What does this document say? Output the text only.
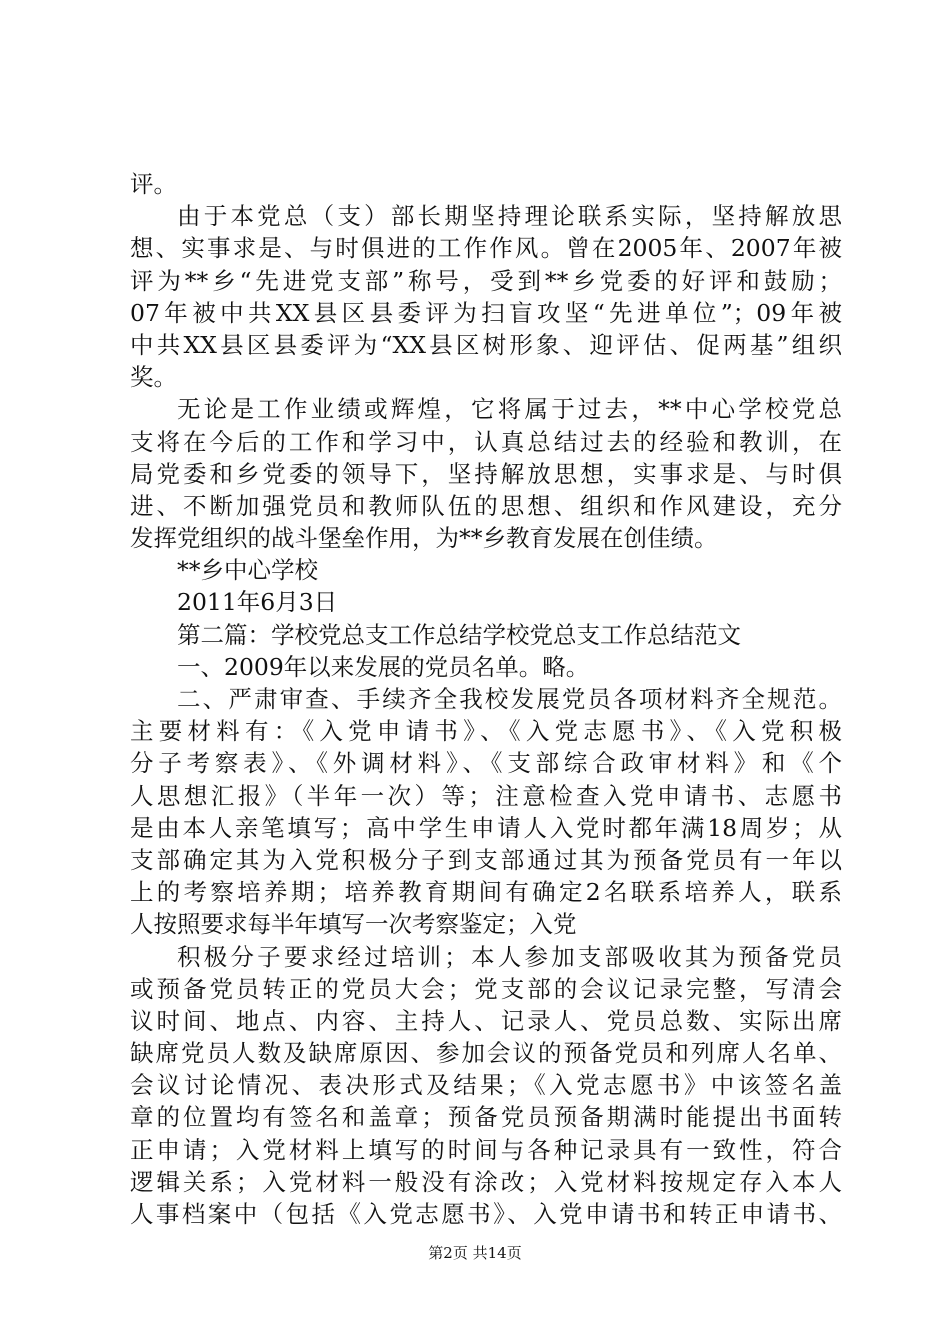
评。
由于本党总（支）部长期坚持理论联系实际，坚持解放思
想、实事求是、与时俱进的工作作风。曾在2005年、2007年被
评为**乡“先进党支部”称号，受到**乡党委的好评和鼓励；
07年被中共XX县区县委评为扫盲攻坚“先进单位”；09年被
中共XX县区县委评为“XX县区树形象、迎评估、促两基”组织
奖。
无论是工作业绩或辉煌，它将属于过去，**中心学校党总
支将在今后的工作和学习中，认真总结过去的经验和教训，在
局党委和乡党委的领导下，坚持解放思想，实事求是、与时俱
进、不断加强党员和教师队伍的思想、组织和作风建设，充分
发挥党组织的战斗堡垒作用，为**乡教育发展在创佳绩。
**乡中心学校
2011年6月3日
第二篇：学校党总支工作总结学校党总支工作总结范文
一、2009年以来发展的党员名单。略。
二、严肃审查、手续齐全我校发展党员各项材料齐全规范。
主要材料有：《入党申请书》、《入党志愿书》、《入党积极
分子考察表》、《外调材料》、《支部综合政审材料》和《个
人思想汇报》（半年一次）等；注意检查入党申请书、志愿书
是由本人亲笔填写；高中学生申请人入党时都年满18周岁；从
支部确定其为入党积极分子到支部通过其为预备党员有一年以
上的考察培养期；培养教育期间有确定2名联系培养人，联系
人按照要求每半年填写一次考察鉴定；入党
积极分子要求经过培训；本人参加支部吸收其为预备党员
或预备党员转正的党员大会；党支部的会议记录完整，写清会
议时间、地点、内容、主持人、记录人、党员总数、实际出席
缺席党员人数及缺席原因、参加会议的预备党员和列席人名单、
会议讨论情况、表决形式及结果；《入党志愿书》中该签名盖
章的位置均有签名和盖章；预备党员预备期满时能提出书面转
正申请；入党材料上填写的时间与各种记录具有一致性，符合
逻辑关系；入党材料一般没有涂改；入党材料按规定存入本人
人事档案中（包括《入党志愿书》、入党申请书和转正申请书、
第2页 共14页
